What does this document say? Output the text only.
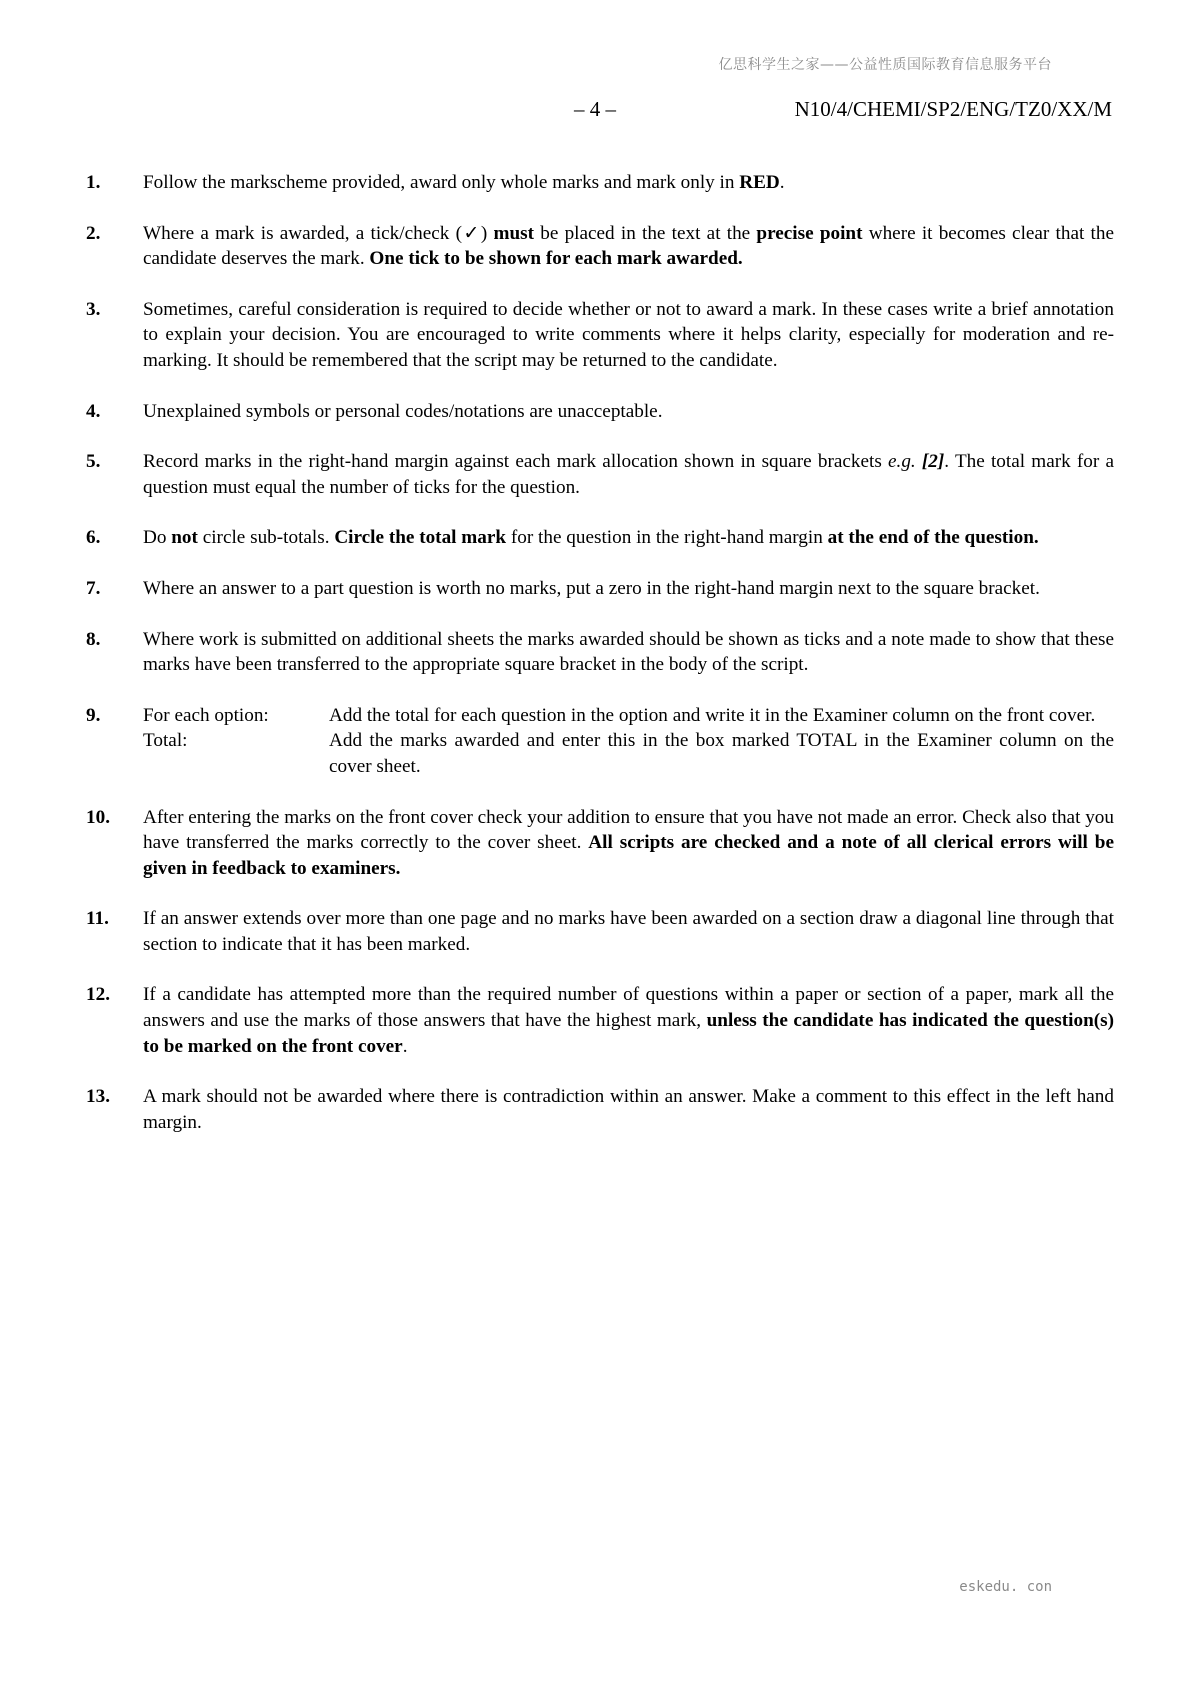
亿思科学生之家——公益性质国际教育信息服务平台
– 4 –	N10/4/CHEMI/SP2/ENG/TZ0/XX/M
1. Follow the markscheme provided, award only whole marks and mark only in RED.
2. Where a mark is awarded, a tick/check (✓) must be placed in the text at the precise point where it becomes clear that the candidate deserves the mark. One tick to be shown for each mark awarded.
3. Sometimes, careful consideration is required to decide whether or not to award a mark. In these cases write a brief annotation to explain your decision. You are encouraged to write comments where it helps clarity, especially for moderation and re-marking. It should be remembered that the script may be returned to the candidate.
4. Unexplained symbols or personal codes/notations are unacceptable.
5. Record marks in the right-hand margin against each mark allocation shown in square brackets e.g. [2]. The total mark for a question must equal the number of ticks for the question.
6. Do not circle sub-totals. Circle the total mark for the question in the right-hand margin at the end of the question.
7. Where an answer to a part question is worth no marks, put a zero in the right-hand margin next to the square bracket.
8. Where work is submitted on additional sheets the marks awarded should be shown as ticks and a note made to show that these marks have been transferred to the appropriate square bracket in the body of the script.
9. For each option:	Add the total for each question in the option and write it in the Examiner column on the front cover.
Total:	Add the marks awarded and enter this in the box marked TOTAL in the Examiner column on the cover sheet.
10. After entering the marks on the front cover check your addition to ensure that you have not made an error. Check also that you have transferred the marks correctly to the cover sheet. All scripts are checked and a note of all clerical errors will be given in feedback to examiners.
11. If an answer extends over more than one page and no marks have been awarded on a section draw a diagonal line through that section to indicate that it has been marked.
12. If a candidate has attempted more than the required number of questions within a paper or section of a paper, mark all the answers and use the marks of those answers that have the highest mark, unless the candidate has indicated the question(s) to be marked on the front cover.
13. A mark should not be awarded where there is contradiction within an answer. Make a comment to this effect in the left hand margin.
eskedu. con
